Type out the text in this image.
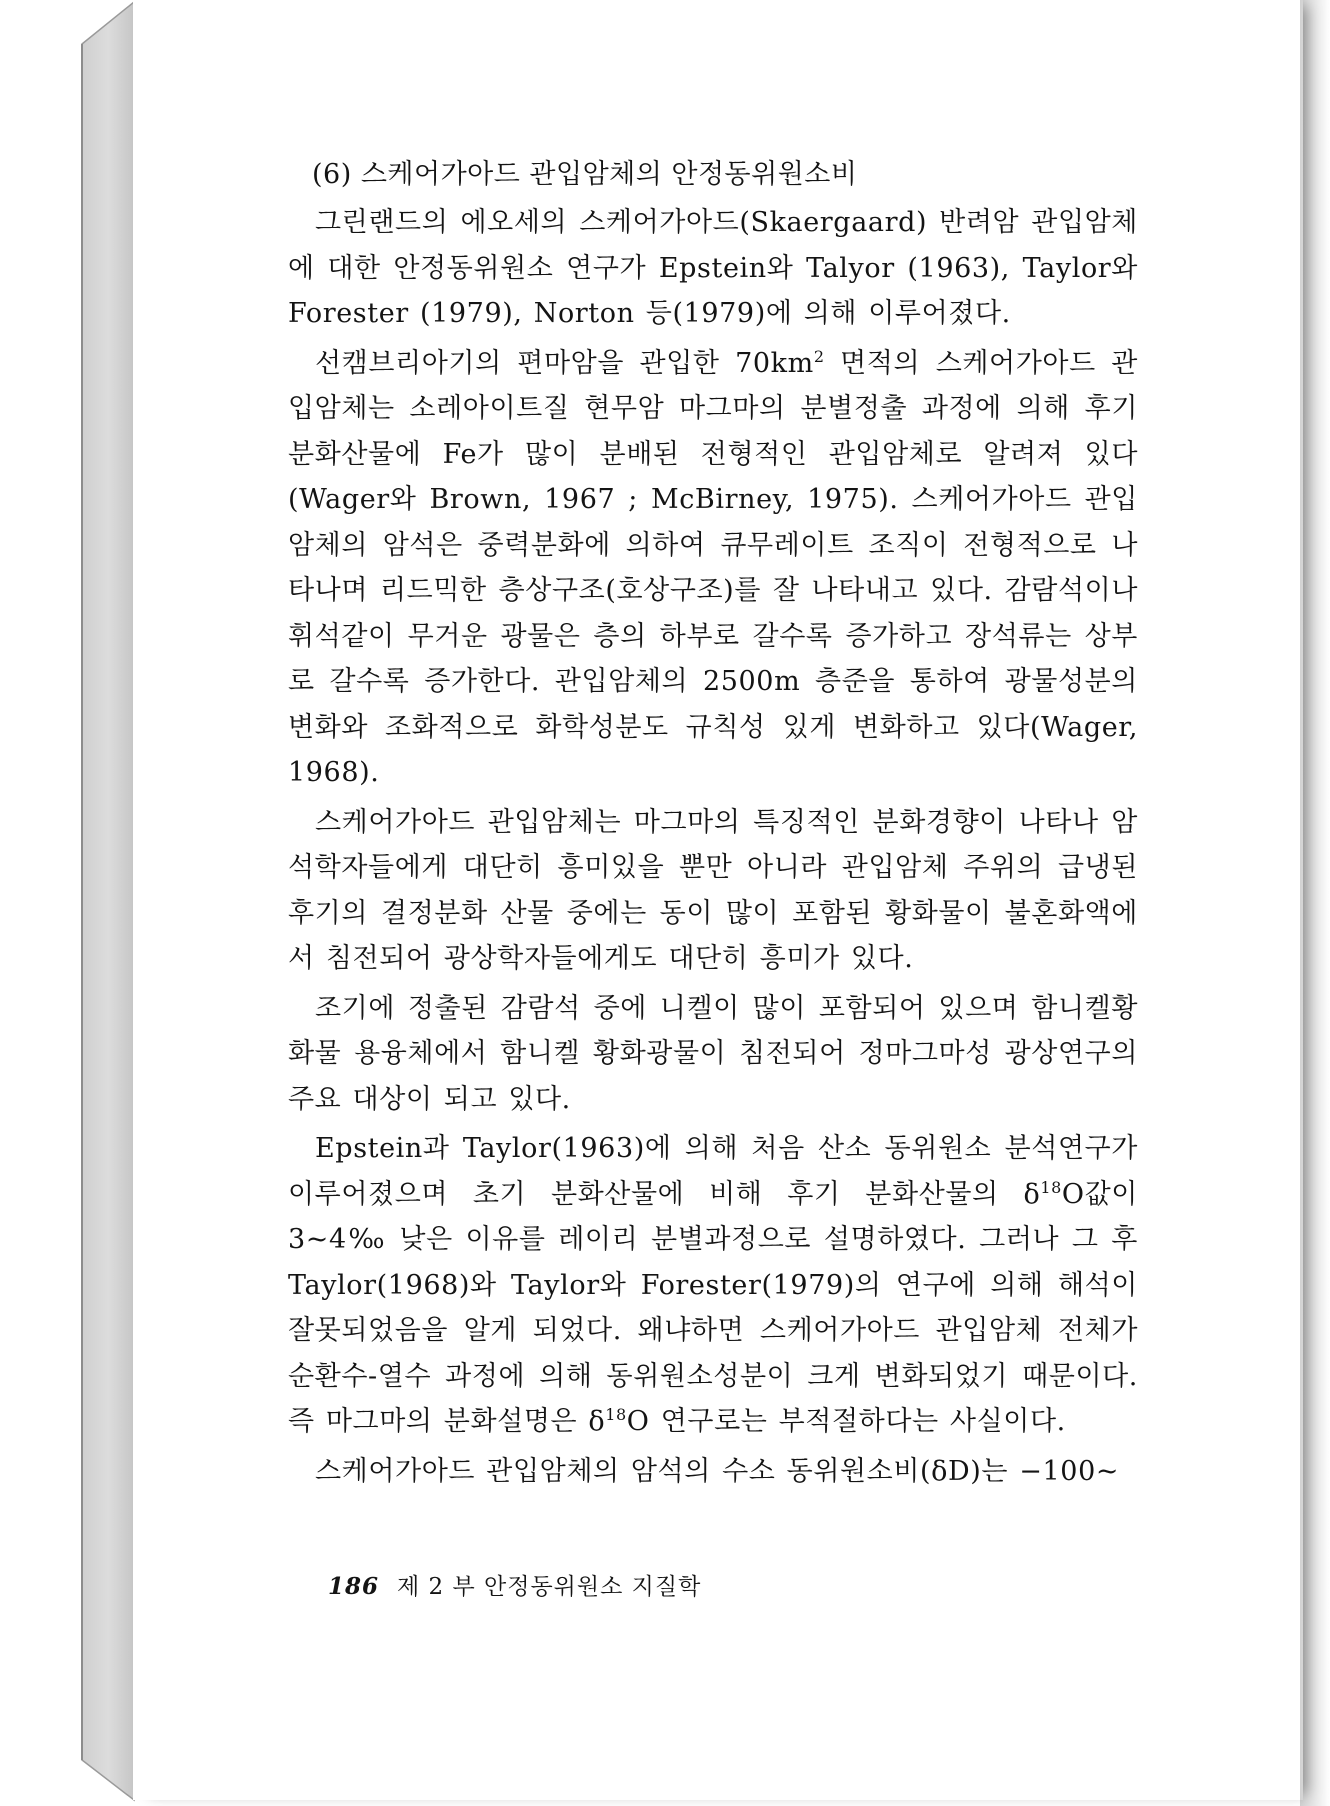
(6) 스케어가아드 관입암체의 안정동위원소비

그린랜드의 에오세의 스케어가아드(Skaergaard) 반려암 관입암체에 대한 안정동위원소 연구가 Epstein와 Talyor (1963), Taylor와 Forester (1979), Norton 등(1979)에 의해 이루어졌다.

선캠브리아기의 편마암을 관입한 $70km^2$ 면적의 스케어가아드 관입암체는 소레아이트질 현무암 마그마의 분별정출 과정에 의해 후기 분화산물에 Fe가 많이 분배된 전형적인 관입암체로 알려져 있다(Wager와 Brown, 1967 ; McBirney, 1975). 스케어가아드 관입암체의 암석은 중력분화에 의하여 큐무레이트 조직이 전형적으로 나타나며 리드믹한 층상구조(호상구조)를 잘 나타내고 있다. 감람석이나 휘석같이 무거운 광물은 층의 하부로 갈수록 증가하고 장석류는 상부로 갈수록 증가한다. 관입암체의 2500m 층준을 통하여 광물성분의 변화와 조화적으로 화학성분도 규칙성 있게 변화하고 있다(Wager, 1968).

스케어가아드 관입암체는 마그마의 특징적인 분화경향이 나타나 암석학자들에게 대단히 흥미있을 뿐만 아니라 관입암체 주위의 급냉된 후기의 결정분화 산물 중에는 동이 많이 포함된 황화물이 불혼화액에서 침전되어 광상학자들에게도 대단히 흥미가 있다.

조기에 정출된 감람석 중에 니켈이 많이 포함되어 있으며 함니켈황화물 용융체에서 함니켈 황화광물이 침전되어 정마그마성 광상연구의 주요 대상이 되고 있다.

Epstein과 Taylor(1963)에 의해 처음 산소 동위원소 분석연구가 이루어졌으며 초기 분화산물에 비해 후기 분화산물의 $\delta^{18}O$값이 3~4‰ 낮은 이유를 레이리 분별과정으로 설명하였다. 그러나 그 후 Taylor(1968)와 Taylor와 Forester(1979)의 연구에 의해 해석이 잘못되었음을 알게 되었다. 왜냐하면 스케어가아드 관입암체 전체가 순환수-열수 과정에 의해 동위원소성분이 크게 변화되었기 때문이다. 즉 마그마의 분화설명은 $\delta^{18}O$ 연구로는 부적절하다는 사실이다.

스케어가아드 관입암체의 암석의 수소 동위원소비(δD)는 −100~

186 제 2 부 안정동위원소 지질학
